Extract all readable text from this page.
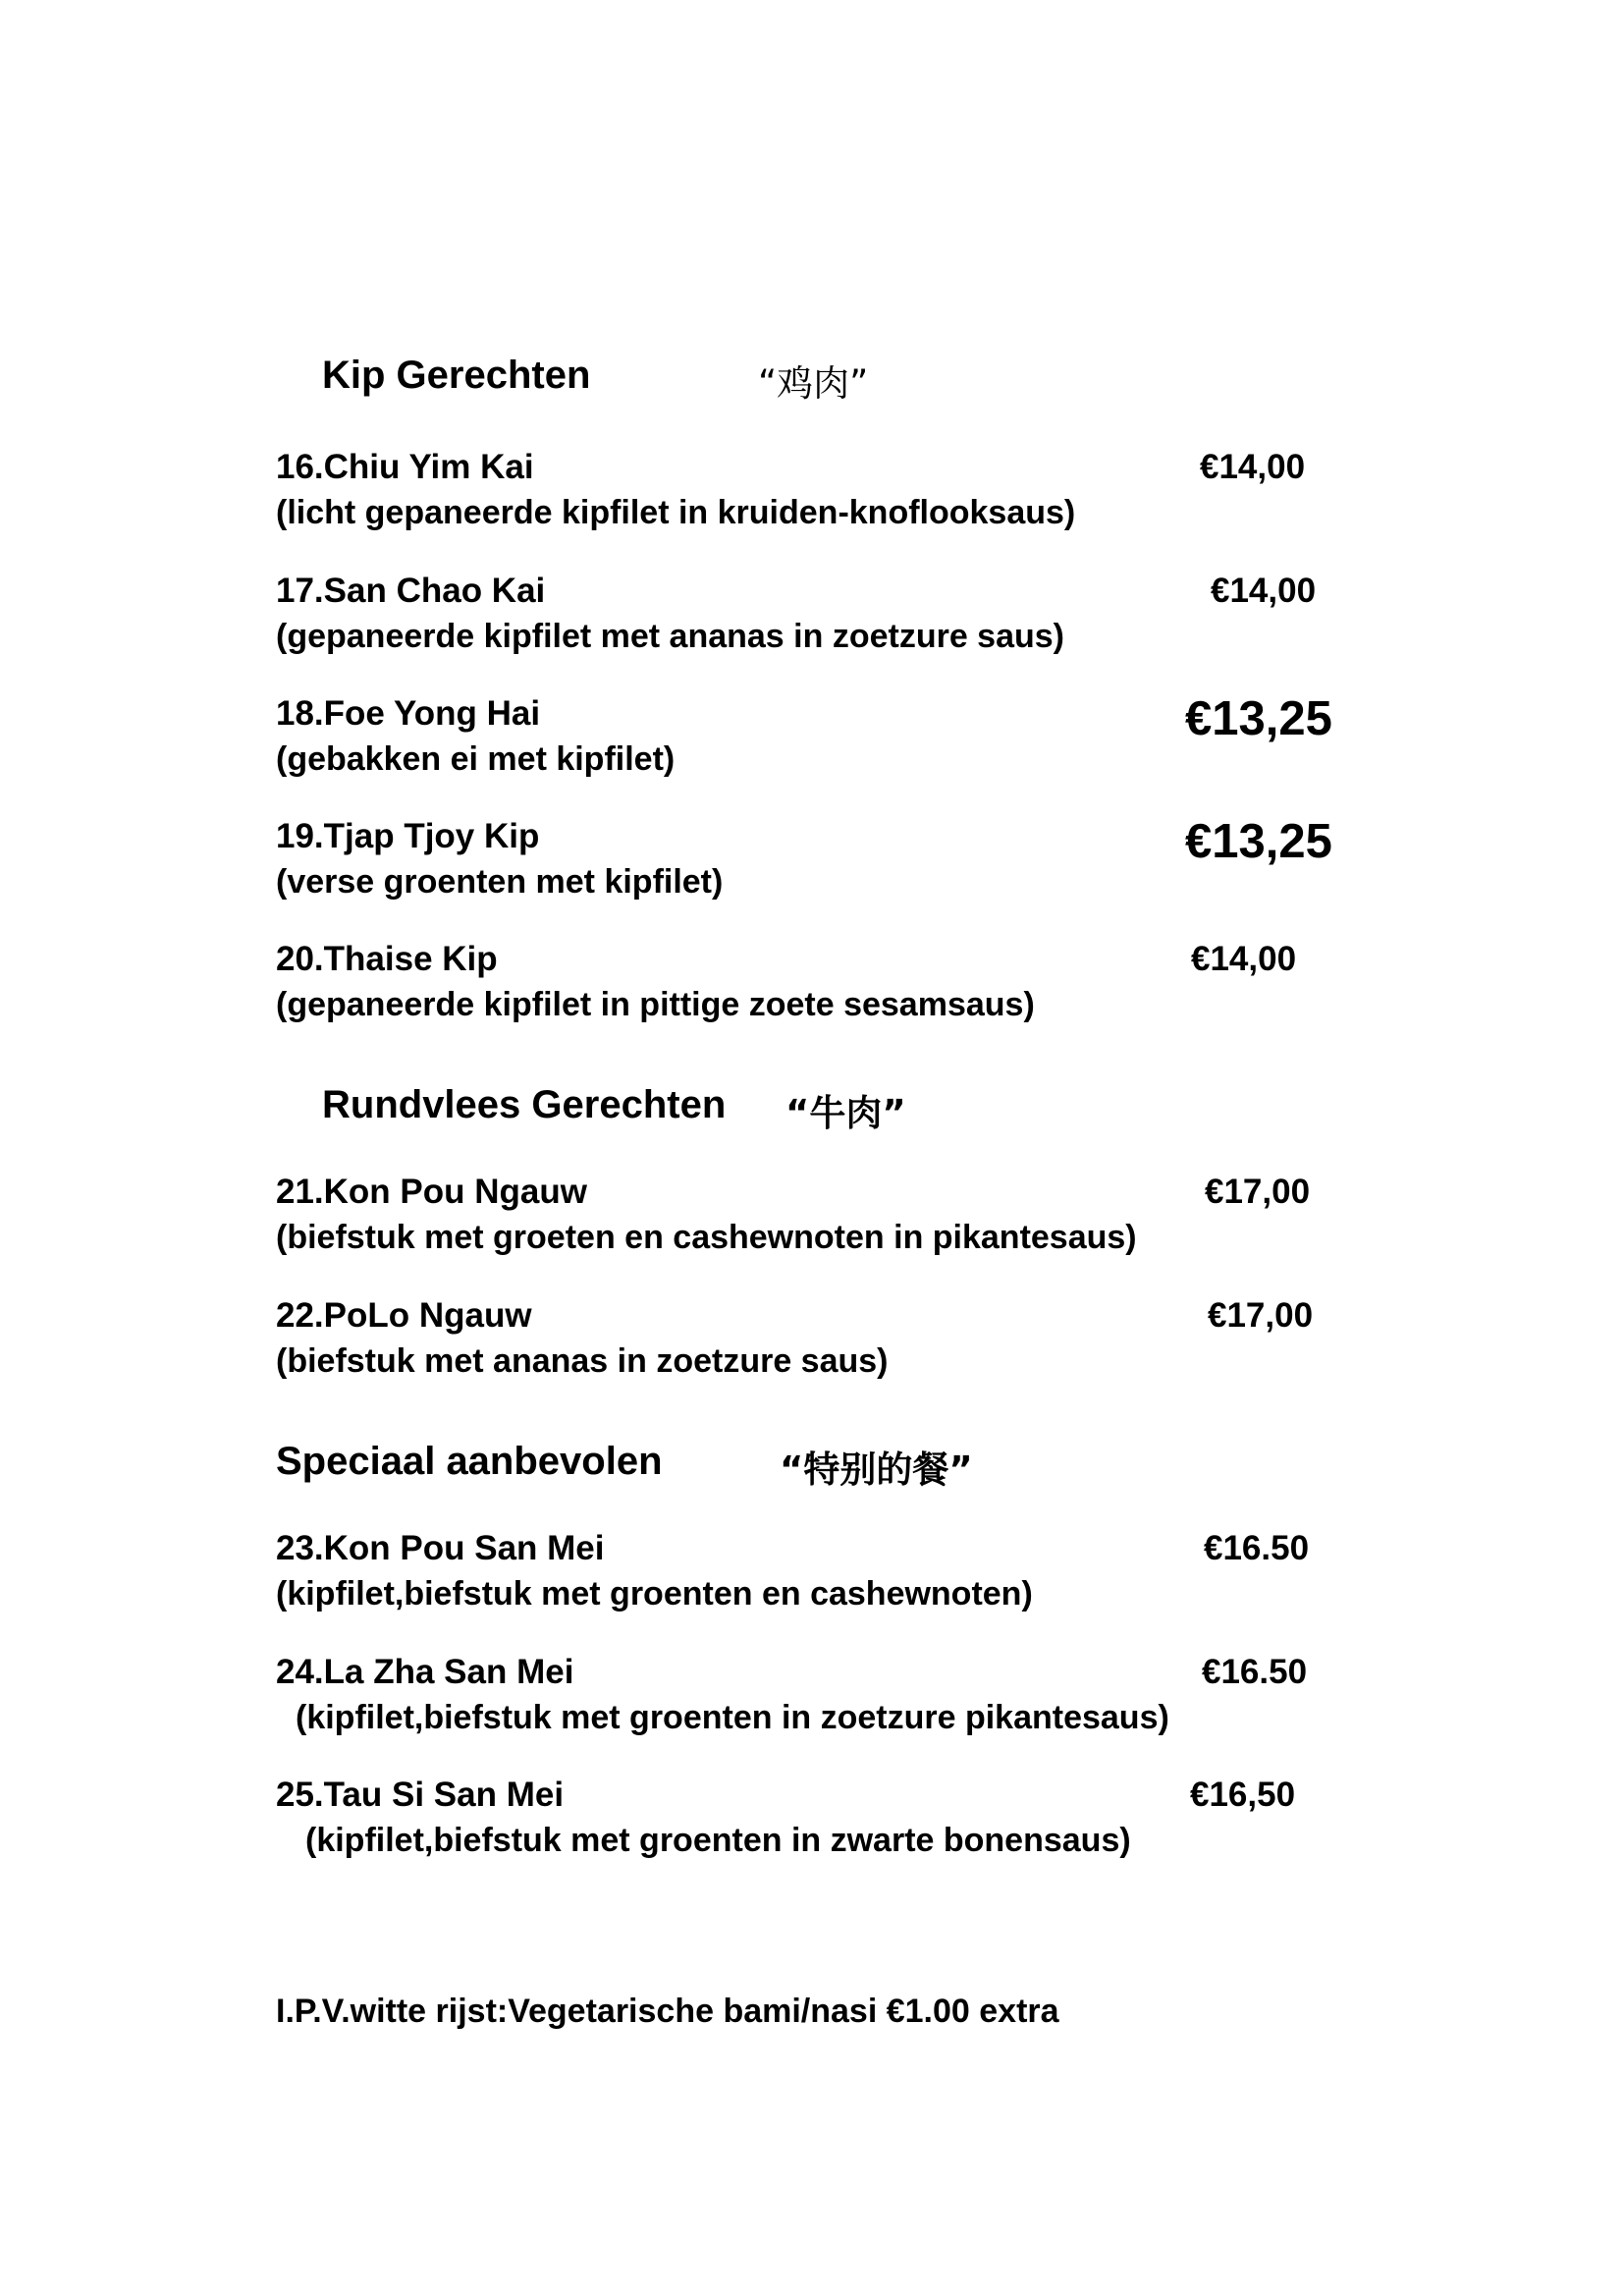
Kip Gerechten	“鸡肉”
16.Chiu Yim Kai	€14,00
(licht gepaneerde kipfilet in kruiden-knoflooksaus)
17.San Chao Kai	€14,00
(gepaneerde kipfilet met ananas in zoetzure saus)
18.Foe Yong Hai	€13,25
(gebakken ei met kipfilet)
19.Tjap Tjoy Kip	€13,25
(verse groenten met kipfilet)
20.Thaise Kip	€14,00
(gepaneerde kipfilet in pittige zoete sesamsaus)
Rundvlees Gerechten “牛肉”
21.Kon Pou Ngauw	€17,00
(biefstuk met groeten en cashewnoten in pikantesaus)
22.PoLo Ngauw	€17,00
(biefstuk met ananas in zoetzure saus)
Speciaal aanbevolen	“特别的餐”
23.Kon Pou San Mei	€16.50
(kipfilet,biefstuk met groenten en cashewnoten)
24.La Zha San Mei	€16.50
(kipfilet,biefstuk met groenten in zoetzure pikantesaus)
25.Tau Si San Mei	€16,50
(kipfilet,biefstuk met groenten in zwarte bonensaus)
I.P.V.witte rijst:Vegetarische bami/nasi €1.00 extra
